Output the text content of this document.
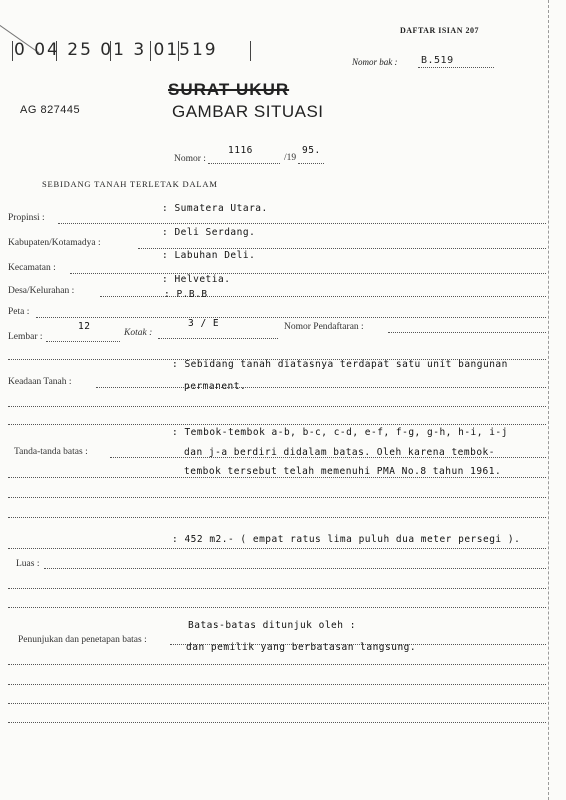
0 04 25 01 3 01519
DAFTAR ISIAN 207
Nomor bak : B.519
SURAT UKUR
GAMBAR SITUASI
AG 827445
Nomor :
1116
/19
95.
SEBIDANG TANAH TERLETAK DALAM
Propinsi :
: Sumatera Utara.
Kabupaten/Kotamadya :
: Deli Serdang.
Kecamatan :
: Labuhan Deli.
Desa/Kelurahan :
: Helvetia.
Peta :
: P.B.B
Lembar :
12
Kotak :
3 / E	Nomor Pendaftaran :
Keadaan Tanah :
: Sebidang tanah diatasnya terdapat satu unit bangunan
permanent.
Tanda-tanda batas :
: Tembok-tembok a-b, b-c, c-d, e-f, f-g, g-h, h-i, i-j
dan j-a berdiri didalam batas. Oleh karena tembok-
tembok tersebut telah memenuhi PMA No.8 tahun 1961.
: 452 m2.- ( empat ratus lima puluh dua meter persegi ).
Luas :
Batas-batas ditunjuk oleh :
Penunjukan dan penetapan batas :
dan pemilik yang berbatasan langsung.
